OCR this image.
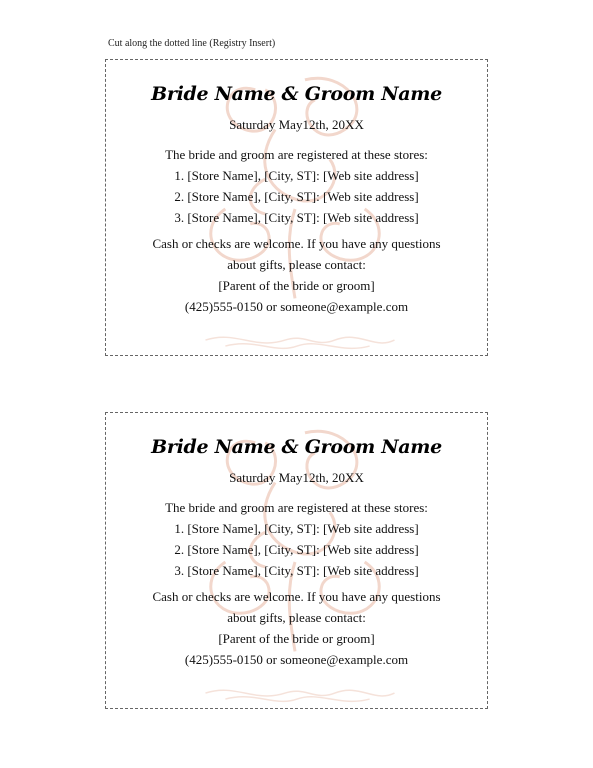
Cut along the dotted line (Registry Insert)
Bride Name & Groom Name
Saturday May12th, 20XX
The bride and groom are registered at these stores:
1. [Store Name], [City, ST]: [Web site address]
2. [Store Name], [City, ST]: [Web site address]
3. [Store Name], [City, ST]: [Web site address]
Cash or checks are welcome. If you have any questions
about gifts, please contact:
[Parent of the bride or groom]
(425)555-0150 or someone@example.com
Bride Name & Groom Name
Saturday May12th, 20XX
The bride and groom are registered at these stores:
1. [Store Name], [City, ST]: [Web site address]
2. [Store Name], [City, ST]: [Web site address]
3. [Store Name], [City, ST]: [Web site address]
Cash or checks are welcome. If you have any questions
about gifts, please contact:
[Parent of the bride or groom]
(425)555-0150 or someone@example.com
